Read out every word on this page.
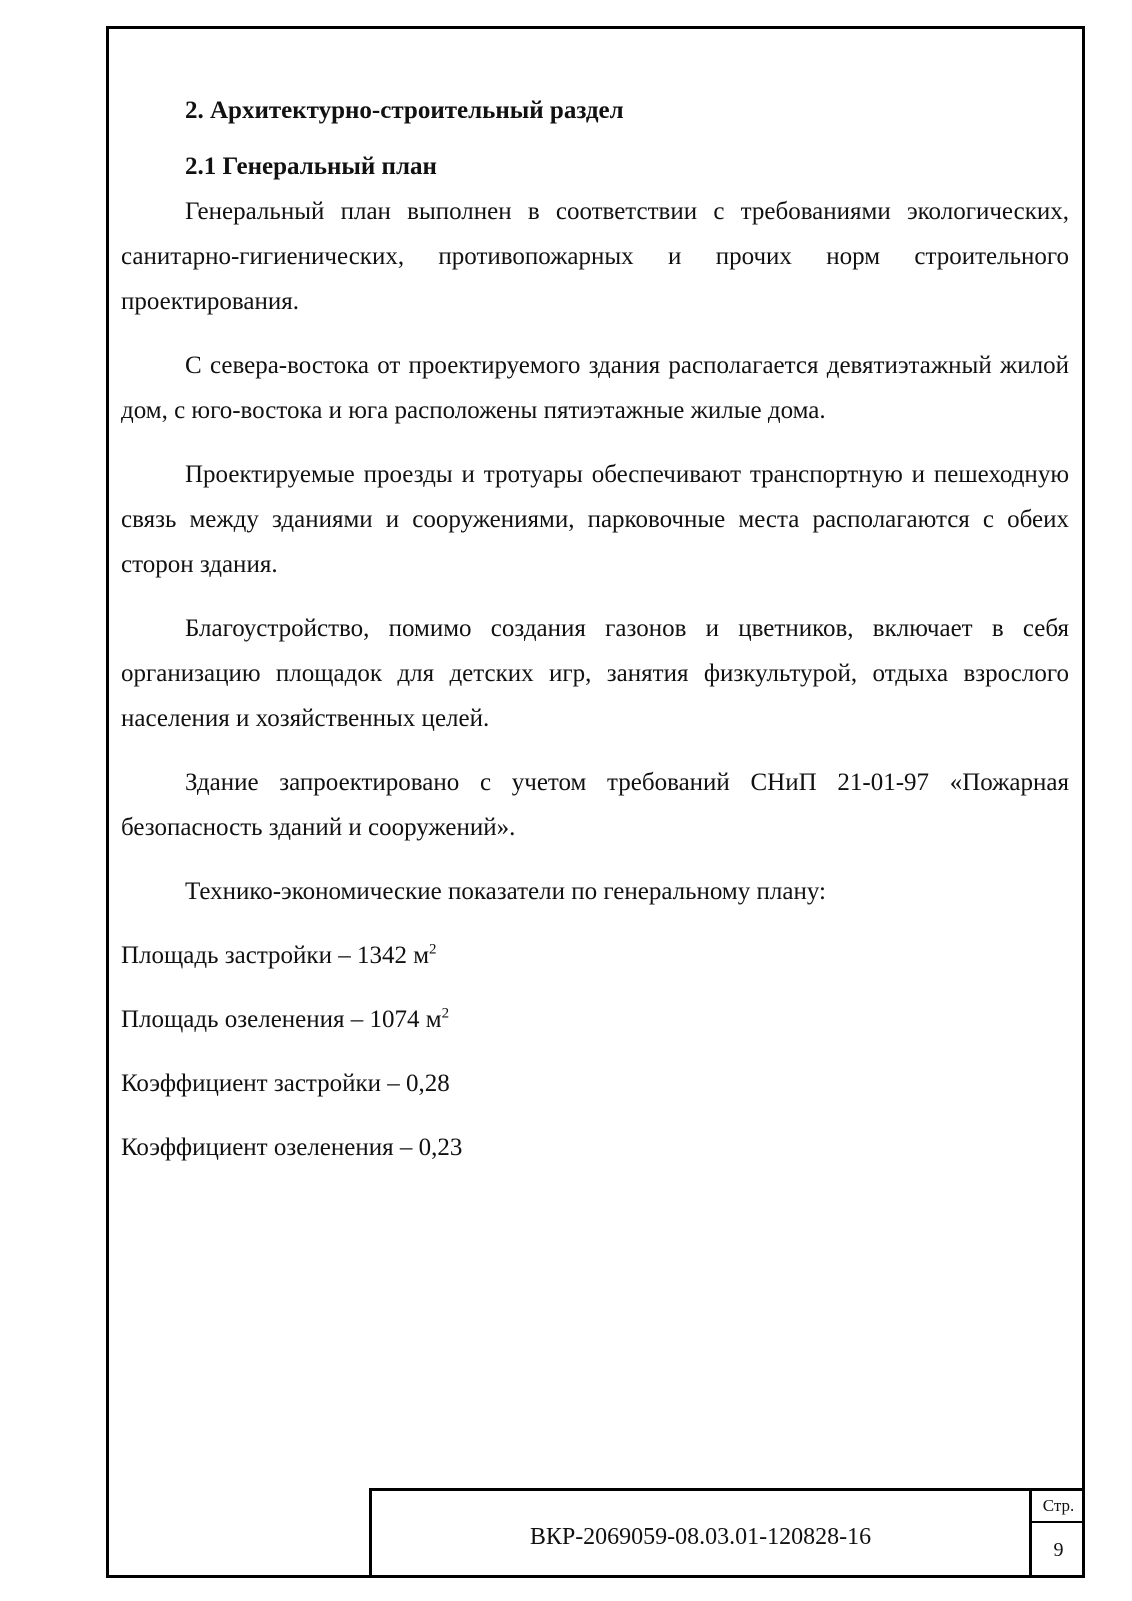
2. Архитектурно-строительный раздел

2.1 Генеральный план

Генеральный план выполнен в соответствии с требованиями экологических, санитарно-гигиенических, противопожарных и прочих норм строительного проектирования.

С севера-востока от проектируемого здания располагается девятиэтажный жилой дом, с юго-востока и юга расположены пятиэтажные жилые дома.

Проектируемые проезды и тротуары обеспечивают транспортную и пешеходную связь между зданиями и сооружениями, парковочные места располагаются с обеих сторон здания.

Благоустройство, помимо создания газонов и цветников, включает в себя организацию площадок для детских игр, занятия физкультурой, отдыха взрослого населения и хозяйственных целей.

Здание запроектировано с учетом требований СНиП 21-01-97 «Пожарная безопасность зданий и сооружений».

Технико-экономические показатели по генеральному плану:

Площадь застройки – 1342 $м^2$

Площадь озеленения – 1074 $м^2$

Коэффициент застройки – 0,28

Коэффициент озеленения – 0,23

ВКР-2069059-08.03.01-120828-16
Стр.
9
